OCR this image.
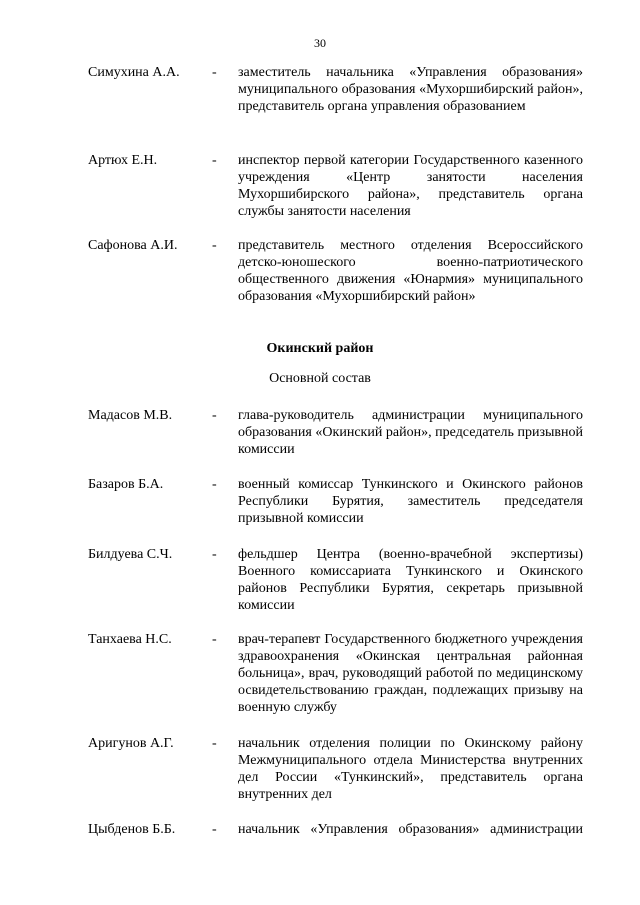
30
Симухина А.А. - заместитель начальника «Управления образования» муниципального образования «Мухоршибирский район», представитель органа управления образованием
Артюх Е.Н.	- инспектор первой категории Государственного казенного учреждения «Центр занятости населения Мухоршибирского района», представитель органа службы занятости населения
Сафонова А.И. - представитель местного отделения Всероссийского детско-юношеского военно-патриотического общественного движения «Юнармия» муниципального образования «Мухоршибирский район»
Окинский район
Основной состав
Мадасов М.В.	- глава-руководитель администрации муниципального образования «Окинский район», председатель призывной комиссии
Базаров Б.А.	- военный комиссар Тункинского и Окинского районов Республики Бурятия, заместитель председателя призывной комиссии
Билдуева С.Ч.	- фельдшер Центра (военно-врачебной экспертизы) Военного комиссариата Тункинского и Окинского районов Республики Бурятия, секретарь призывной комиссии
Танхаева Н.С.	- врач-терапевт Государственного бюджетного учреждения здравоохранения «Окинская центральная районная больница», врач, руководящий работой по медицинскому освидетельствованию граждан, подлежащих призыву на военную службу
Аригунов А.Г.	- начальник отделения полиции по Окинскому району Межмуниципального отдела Министерства внутренних дел России «Тункинский», представитель органа внутренних дел
Цыбденов Б.Б.	- начальник «Управления образования» администрации
